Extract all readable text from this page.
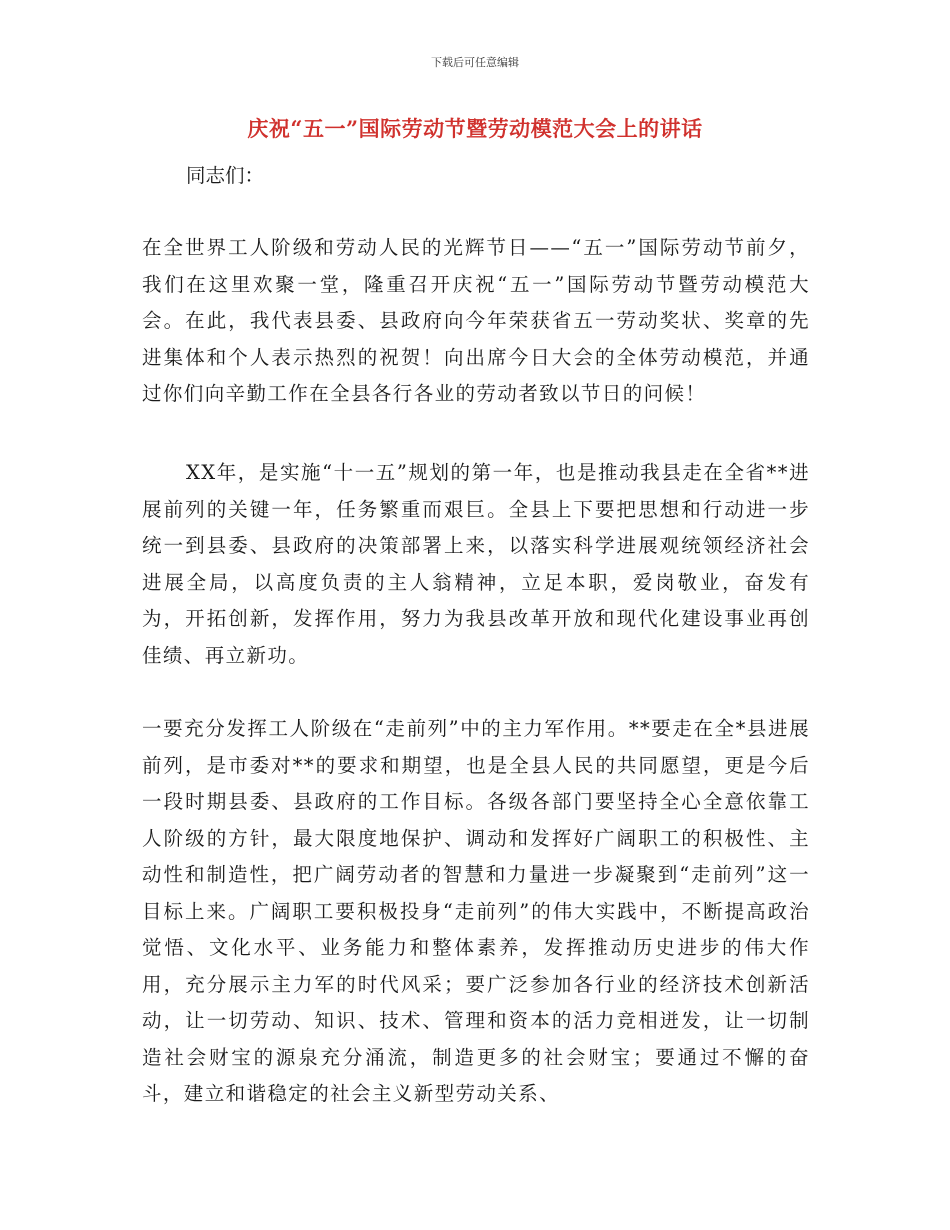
下载后可任意编辑
庆祝“五一”国际劳动节暨劳动模范大会上的讲话
同志们：

在全世界工人阶级和劳动人民的光辉节日——“五一”国际劳动节前夕，我们在这里欢聚一堂，隆重召开庆祝“五一”国际劳动节暨劳动模范大会。在此，我代表县委、县政府向今年荣获省五一劳动奖状、奖章的先进集体和个人表示热烈的祝贺！向出席今日大会的全体劳动模范，并通过你们向辛勤工作在全县各行各业的劳动者致以节日的问候！

XX年，是实施“十一五”规划的第一年，也是推动我县走在全省**进展前列的关键一年，任务繁重而艰巨。全县上下要把思想和行动进一步统一到县委、县政府的决策部署上来，以落实科学进展观统领经济社会进展全局，以高度负责的主人翁精神，立足本职，爱岗敬业，奋发有为，开拓创新，发挥作用，努力为我县改革开放和现代化建设事业再创佳绩、再立新功。

一要充分发挥工人阶级在“走前列”中的主力军作用。**要走在全*县进展前列，是市委对**的要求和期望，也是全县人民的共同愿望，更是今后一段时期县委、县政府的工作目标。各级各部门要坚持全心全意依靠工人阶级的方针，最大限度地保护、调动和发挥好广阔职工的积极性、主动性和制造性，把广阔劳动者的智慧和力量进一步凝聚到“走前列”这一目标上来。广阔职工要积极投身“走前列”的伟大实践中，不断提高政治觉悟、文化水平、业务能力和整体素养，发挥推动历史进步的伟大作用，充分展示主力军的时代风采；要广泛参加各行业的经济技术创新活动，让一切劳动、知识、技术、管理和资本的活力竞相迸发，让一切制造社会财宝的源泉充分涌流，制造更多的社会财宝；要通过不懈的奋斗，建立和谐稳定的社会主义新型劳动关系、
